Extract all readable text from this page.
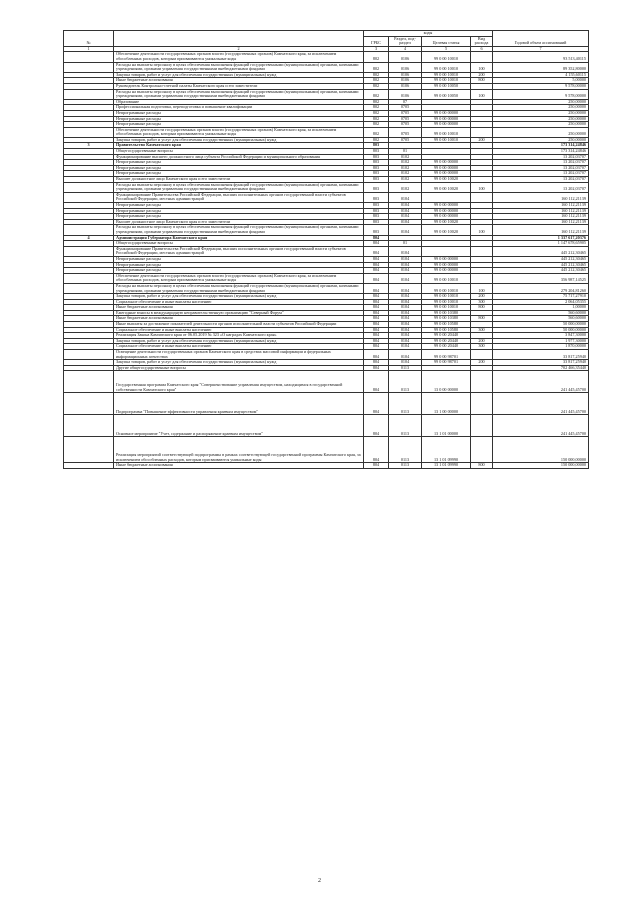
№		коды				Годовой объем ассигнований
		ГРБС	Раздел, под-раздел	Целевая статья	Вид расхода	
1	2	3	4	5	6	7
	Обеспечение деятельности государственных органов власти (государственных органов) Камчатского края, за исключением обособленных расходов, которым присваиваются уникальные коды	802	0106	99 0 00 10010		93 513,40115
	Расходы на выплаты персоналу в целях обеспечения выполнения функций государственными (муниципальными) органами, казенными учреждениями, органами управления государственными внебюджетными фондами	802	0106	99 0 00 10010	100	89 352,80000
	Закупка товаров, работ и услуг для обеспечения государственных (муниципальных) нужд	802	0106	99 0 00 10010	200	4 155,60115
	Иные бюджетные ассигнования	802	0106	99 0 00 10010	800	5,00000
	Руководитель Контрольно-счетной палаты Камчатского края и его заместители	802	0106	99 0 00 10050		9 578,00000
	Расходы на выплаты персоналу в целях обеспечения выполнения функций государственными (муниципальными) органами, казенными учреждениями, органами управления государственными внебюджетными фондами	802	0106	99 0 00 10050	100	9 578,00000
	Образование	802	07			250,00000
	Профессиональная подготовка, переподготовка и повышение квалификации	802	0705			250,00000
	Непрограммные расходы	802	0705	99 0 00 00000		250,00000
	Непрограммные расходы	802	0705	99 0 00 00000		250,00000
	Непрограммные расходы	802	0705	99 0 00 00000		250,00000
	Обеспечение деятельности государственных органов власти (государственных органов) Камчатского края, за исключением обособленных расходов, которым присваиваются уникальные коды	802	0705	99 0 00 10010		250,00000
	Закупка товаров, работ и услуг для обеспечения государственных (муниципальных) нужд	802	0705	99 0 00 10010	200	250,00000
3	Правительство Камчатского края	803				173 314,24846
	Общегосударственные вопросы	803	01			173 314,24846
	Функционирование высшего должностного лица субъекта Российской Федерации и муниципального образования	803	0102			13 202,03707
	Непрограммные расходы	803	0102	99 0 00 00000		13 202,03707
	Непрограммные расходы	803	0102	99 0 00 00000		13 202,03707
	Непрограммные расходы	803	0102	99 0 00 00000		13 202,03707
	Высшее должностное лицо Камчатского края и его заместители	803	0102	99 0 00 10020		13 202,03707
	Расходы на выплаты персоналу в целях обеспечения выполнения функций государственными (муниципальными) органами, казенными учреждениями, органами управления государственными внебюджетными фондами	803	0102	99 0 00 10020	100	13 202,03707
	Функционирование Правительства Российской Федерации, высших исполнительных органов государственной власти субъектов Российской Федерации, местных администраций	803	0104			160 112,21139
	Непрограммные расходы	803	0104	99 0 00 00000		160 112,21139
	Непрограммные расходы	803	0104	99 0 00 00000		160 112,21139
	Непрограммные расходы	803	0104	99 0 00 00000		160 112,21139
	Высшее должностное лицо Камчатского края и его заместители	803	0104	99 0 00 10020		160 112,21139
	Расходы на выплаты персоналу в целях обеспечения выполнения функций государственными (муниципальными) органами, казенными учреждениями, органами управления государственными внебюджетными фондами	803	0104	99 0 00 10020	100	160 112,21139
4	Администрация Губернатора Камчатского края	804				1 337 617,20376
	Общегосударственные вопросы	804	01			1 147 678,65905
	Функционирование Правительства Российской Федерации, высших исполнительных органов государственной власти субъектов Российской Федерации, местных администраций	804	0104			445 212,30465
	Непрограммные расходы	804	0104	99 0 00 00000		445 212,30465
	Непрограммные расходы	804	0104	99 0 00 00000		445 212,30465
	Непрограммные расходы	804	0104	99 0 00 00000		445 212,30465
	Обеспечение деятельности государственных органов власти (государственных органов) Камчатского края, за исключением обособленных расходов, которым присваиваются уникальные коды	804	0104	99 0 00 10010		356 987,14525
	Расходы на выплаты персоналу в целях обеспечения выполнения функций государственными (муниципальными) органами, казенными учреждениями, органами управления государственными внебюджетными фондами	804	0104	99 0 00 10010	100	279 204,81260
	Закупка товаров, работ и услуг для обеспечения государственных (муниципальных) нужд	804	0104	99 0 00 10010	200	75 717,27910
	Социальное обеспечение и иные выплаты населению	804	0104	99 0 00 10010	300	2 064,05355
	Иные бюджетные ассигнования	804	0104	99 0 00 10010	800	1,00000
	Ежегодные взносы в международную неправительственную организацию "Северный Форум"	804	0104	99 0 00 10380		560,60000
	Иные бюджетные ассигнования	804	0104	99 0 00 10380	800	560,60000
	Иные выплаты за достижение показателей деятельности органов исполнительной власти субъектов Российской Федерации	804	0104	99 0 00 10580		50 000,00000
	Социальное обеспечение и иные выплаты населению	804	0104	99 0 00 10580	300	50 000,00000
	Реализация Закона Камчатского края от 06.05.2019 № 323 «О наградах Камчатского края»	804	0104	99 0 00 20440		3 847,30000
	Закупка товаров, работ и услуг для обеспечения государственных (муниципальных) нужд	804	0104	99 0 00 20440	200	1 977,30000
	Социальное обеспечение и иные выплаты населению	804	0104	99 0 00 20440	300	1 870,00000
	Освещение деятельности государственных органов Камчатского края в средствах массовой информации и федеральных информационных агентствах	804	0104	99 0 00 98701		33 817,25940
	Закупка товаров, работ и услуг для обеспечения государственных (муниципальных) нужд	804	0104	99 0 00 98701	200	33 817,25940
	Другие общегосударственные вопросы	804	0113			702 466,35440
	Государственная программа Камчатского края "Совершенствование управления имуществом, находящимся в государственной собственности Камчатского края"	804	0113	13 0 00 00000		241 445,45700
	Подпрограмма "Повышение эффективности управления краевым имуществом"	804	0113	13 1 00 00000		241 445,45700
	Основное мероприятие "Учет, содержание и распоряжение краевым имуществом"	804	0113	13 1 01 00000		241 445,45700
	Реализация мероприятий соответствующей подпрограммы в рамках соответствующей государственной программы Камчатского края, за исключением обособленных расходов, которым присваиваются уникальные коды	804	0113	13 1 01 09990		150 000,00000
	Иные бюджетные ассигнования	804	0113	13 1 01 09990	800	150 000,00000
2
